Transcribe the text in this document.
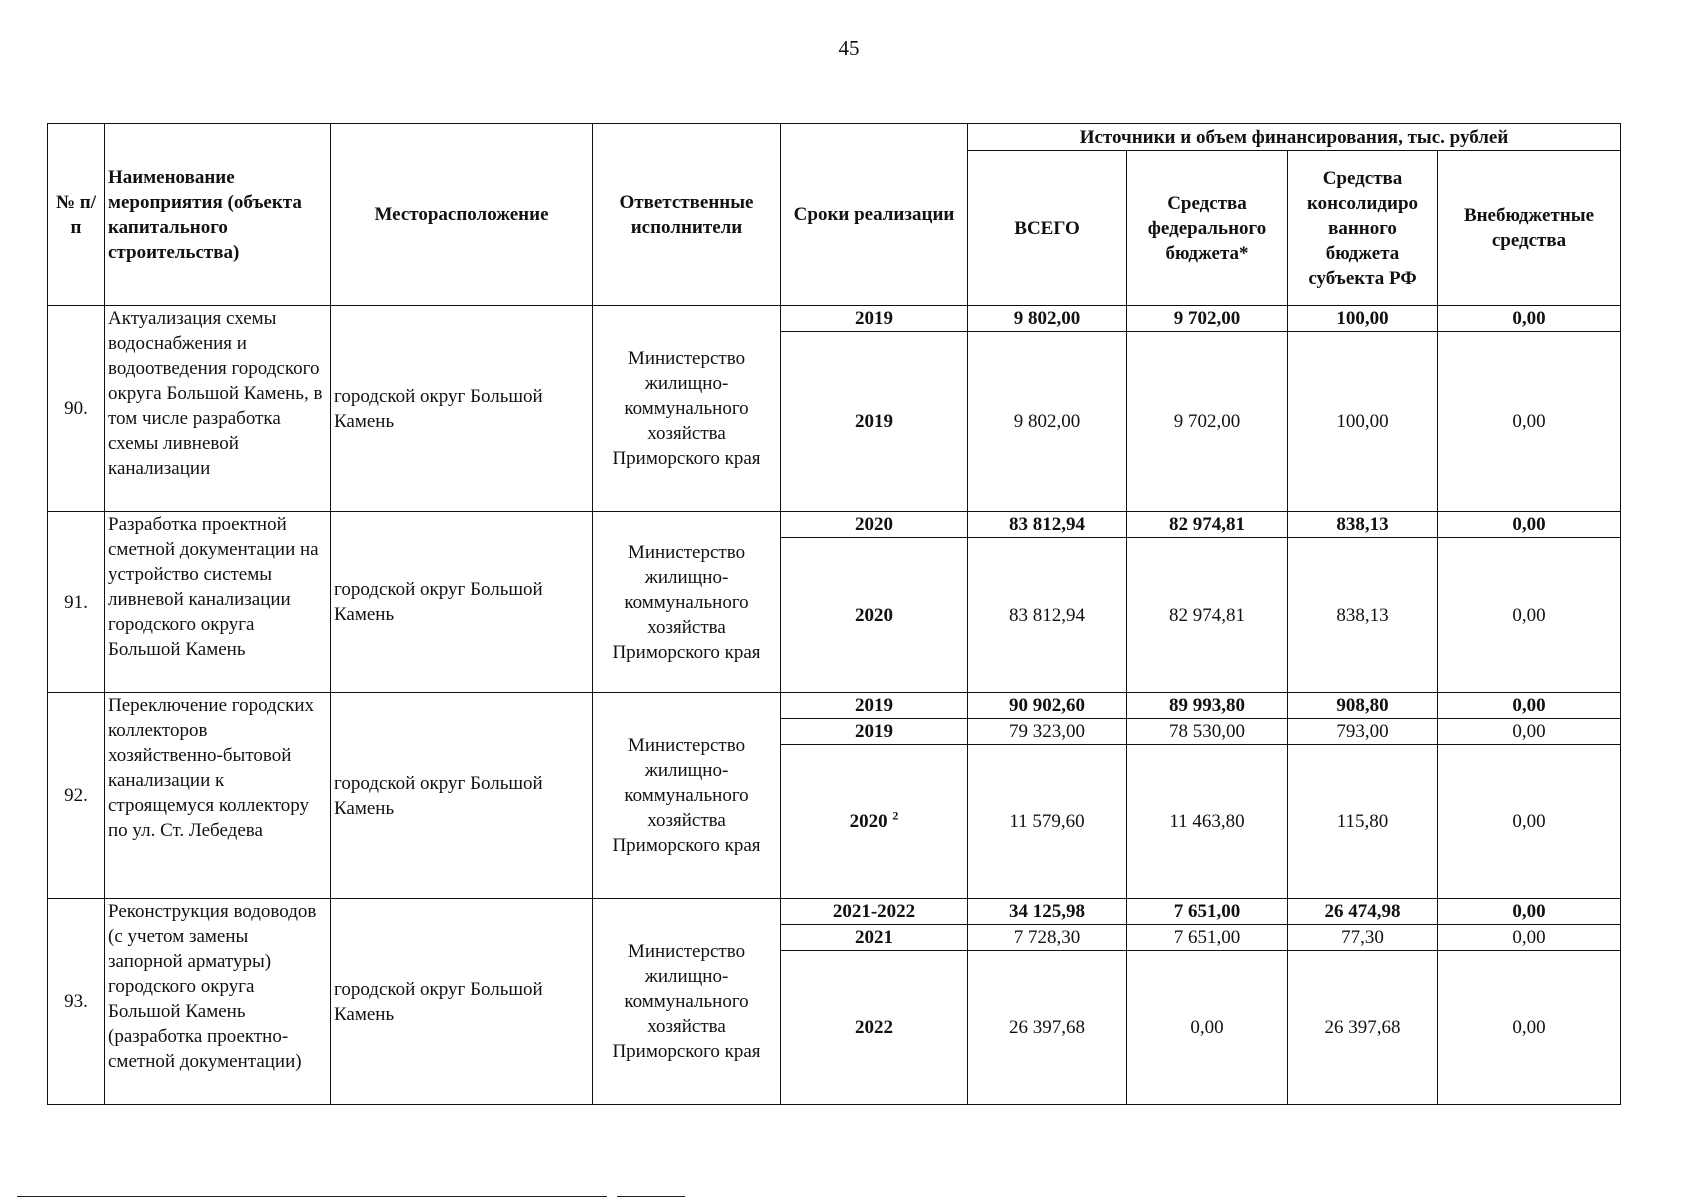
45
№ п/п	Наименование мероприятия (объекта капитального строительства)	Месторасположение	Ответственные исполнители	Сроки реализации	Источники и объем финансирования, тыс. рублей			
					ВСЕГО	Средства федерального бюджета*	Средства консолидиро ванного бюджета субъекта РФ	Внебюджетные средства
90.	Актуализация схемы водоснабжения и водоотведения городского округа Большой Камень, в том числе разработка схемы ливневой канализации	городской округ Большой Камень	Министерство жилищно-коммунального хозяйства Приморского края	2019	9 802,00	9 702,00	100,00	0,00
				2019	9 802,00	9 702,00	100,00	0,00
91.	Разработка проектной сметной документации на устройство системы ливневой канализации городского округа Большой Камень	городской округ Большой Камень	Министерство жилищно-коммунального хозяйства Приморского края	2020	83 812,94	82 974,81	838,13	0,00
				2020	83 812,94	82 974,81	838,13	0,00
92.	Переключение городских коллекторов хозяйственно-бытовой канализации к строящемуся коллектору по ул. Ст. Лебедева	городской округ Большой Камень	Министерство жилищно-коммунального хозяйства Приморского края	2019	90 902,60	89 993,80	908,80	0,00
				2019	79 323,00	78 530,00	793,00	0,00
				2020 $^2$	11 579,60	11 463,80	115,80	0,00
93.	Реконструкция водоводов (с учетом замены запорной арматуры) городского округа Большой Камень (разработка проектно-сметной документации)	городской округ Большой Камень	Министерство жилищно-коммунального хозяйства Приморского края	2021-2022	34 125,98	7 651,00	26 474,98	0,00
				2021	7 728,30	7 651,00	77,30	0,00
				2022	26 397,68	0,00	26 397,68	0,00
